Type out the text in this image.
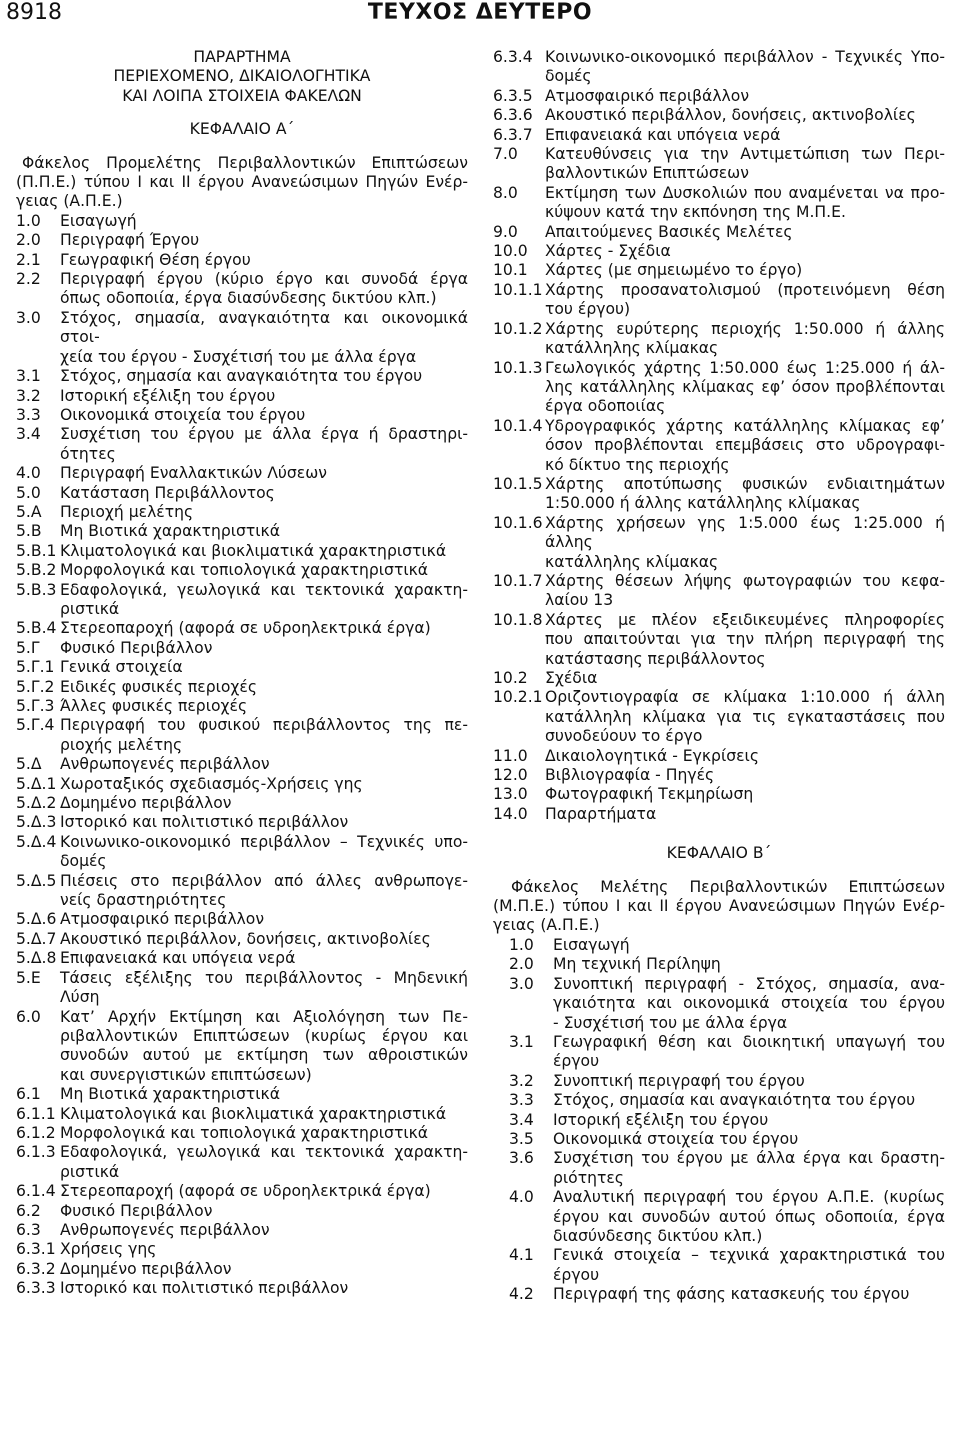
8918	ΤΕΥΧΟΣ ΔΕΥΤΕΡΟ
ΠΑΡΑΡΤΗΜΑ
ΠΕΡΙΕΧΟΜΕΝΟ, ΔΙΚΑΙΟΛΟΓΗΤΙΚΑ
ΚΑΙ ΛΟΙΠΑ ΣΤΟΙΧΕΙΑ ΦΑΚΕΛΩΝ
ΚΕΦΑΛΑΙΟ Α΄
Φάκελος Προμελέτης Περιβαλλοντικών Επιπτώσεων
(Π.Π.Ε.) τύπου Ι και ΙΙ έργου Ανανεώσιμων Πηγών Ενέρ-
γειας (Α.Π.Ε.)
1.0	Εισαγωγή
2.0	Περιγραφή Έργου
2.1	Γεωγραφική Θέση έργου
2.2	Περιγραφή έργου (κύριο έργο και συνοδά έργα
όπως οδοποιία, έργα διασύνδεσης δικτύου κλπ.)
3.0	Στόχος, σημασία, αναγκαιότητα και οικονομικά στοι-
χεία του έργου - Συσχέτισή του με άλλα έργα
3.1	Στόχος, σημασία και αναγκαιότητα του έργου
3.2	Ιστορική εξέλιξη του έργου
3.3	Οικονομικά στοιχεία του έργου
3.4	Συσχέτιση του έργου με άλλα έργα ή δραστηρι-
ότητες
4.0	Περιγραφή Εναλλακτικών Λύσεων
5.0	Κατάσταση Περιβάλλοντος
5.Α	Περιοχή μελέτης
5.Β	Μη Βιοτικά χαρακτηριστικά
5.Β.1 Κλιματολογικά και βιοκλιματικά χαρακτηριστικά
5.Β.2 Μορφολογικά και τοπιολογικά χαρακτηριστικά
5.Β.3 Εδαφολογικά, γεωλογικά και τεκτονικά χαρακτη-
ριστικά
5.Β.4 Στερεοπαροχή (αφορά σε υδροηλεκτρικά έργα)
5.Γ	Φυσικό Περιβάλλον
5.Γ.1 Γενικά στοιχεία
5.Γ.2 Ειδικές φυσικές περιοχές
5.Γ.3 Άλλες φυσικές περιοχές
5.Γ.4 Περιγραφή του φυσικού περιβάλλοντος της πε-
ριοχής μελέτης
5.Δ	Ανθρωπογενές περιβάλλον
5.Δ.1 Χωροταξικός σχεδιασμός-Χρήσεις γης
5.Δ.2 Δομημένο περιβάλλον
5.Δ.3 Ιστορικό και πολιτιστικό περιβάλλον
5.Δ.4 Κοινωνικο-οικονομικό περιβάλλον – Τεχνικές υπο-
δομές
5.Δ.5 Πιέσεις στο περιβάλλον από άλλες ανθρωπογε-
νείς δραστηριότητες
5.Δ.6 Ατμοσφαιρικό περιβάλλον
5.Δ.7 Ακουστικό περιβάλλον, δονήσεις, ακτινοβολίες
5.Δ.8 Επιφανειακά και υπόγεια νερά
5.Ε	Τάσεις εξέλιξης του περιβάλλοντος - Μηδενική
Λύση
6.0	Κατ’ Αρχήν Εκτίμηση και Αξιολόγηση των Πε-
ριβαλλοντικών Επιπτώσεων (κυρίως έργου και
συνοδών αυτού με εκτίμηση των αθροιστικών
και συνεργιστικών επιπτώσεων)
6.1	Μη Βιοτικά χαρακτηριστικά
6.1.1 Κλιματολογικά και βιοκλιματικά χαρακτηριστικά
6.1.2 Μορφολογικά και τοπιολογικά χαρακτηριστικά
6.1.3 Εδαφολογικά, γεωλογικά και τεκτονικά χαρακτη-
ριστικά
6.1.4 Στερεοπαροχή (αφορά σε υδροηλεκτρικά έργα)
6.2	Φυσικό Περιβάλλον
6.3	Ανθρωπογενές περιβάλλον
6.3.1 Χρήσεις γης
6.3.2 Δομημένο περιβάλλον
6.3.3 Ιστορικό και πολιτιστικό περιβάλλον
6.3.4 Κοινωνικο-οικονομικό περιβάλλον - Τεχνικές Υπο-
δομές
6.3.5 Ατμοσφαιρικό περιβάλλον
6.3.6 Ακουστικό περιβάλλον, δονήσεις, ακτινοβολίες
6.3.7 Επιφανειακά και υπόγεια νερά
7.0	Κατευθύνσεις για την Αντιμετώπιση των Περι-
βαλλοντικών Επιπτώσεων
8.0	Εκτίμηση των Δυσκολιών που αναμένεται να προ-
κύψουν κατά την εκπόνηση της Μ.Π.Ε.
9.0	Απαιτούμενες Βασικές Μελέτες
10.0	Χάρτες - Σχέδια
10.1	Χάρτες (με σημειωμένο το έργο)
10.1.1 Χάρτης προσανατολισμού (προτεινόμενη θέση
του έργου)
10.1.2 Χάρτης ευρύτερης περιοχής 1:50.000 ή άλλης
κατάλληλης κλίμακας
10.1.3 Γεωλογικός χάρτης 1:50.000 έως 1:25.000 ή άλ-
λης κατάλληλης κλίμακας εφ’ όσον προβλέπονται
έργα οδοποιίας
10.1.4 Υδρογραφικός χάρτης κατάλληλης κλίμακας εφ’
όσον προβλέπονται επεμβάσεις στο υδρογραφι-
κό δίκτυο της περιοχής
10.1.5 Χάρτης αποτύπωσης φυσικών ενδιαιτημάτων
1:50.000 ή άλλης κατάλληλης κλίμακας
10.1.6 Χάρτης χρήσεων γης 1:5.000 έως 1:25.000 ή άλλης
κατάλληλης κλίμακας
10.1.7 Χάρτης θέσεων λήψης φωτογραφιών του κεφα-
λαίου 13
10.1.8 Χάρτες με πλέον εξειδικευμένες πληροφορίες
που απαιτούνται για την πλήρη περιγραφή της
κατάστασης περιβάλλοντος
10.2	Σχέδια
10.2.1 Οριζοντιογραφία σε κλίμακα 1:10.000 ή άλλη
κατάλληλη κλίμακα για τις εγκαταστάσεις που
συνοδεύουν το έργο
11.0	Δικαιολογητικά - Εγκρίσεις
12.0	Βιβλιογραφία - Πηγές
13.0	Φωτογραφική Τεκμηρίωση
14.0	Παραρτήματα
ΚΕΦΑΛΑΙΟ Β΄
Φάκελος Μελέτης Περιβαλλοντικών Επιπτώσεων
(Μ.Π.Ε.) τύπου Ι και ΙΙ έργου Ανανεώσιμων Πηγών Ενέρ-
γειας (Α.Π.Ε.)
1.0	Εισαγωγή
2.0	Μη τεχνική Περίληψη
3.0	Συνοπτική περιγραφή - Στόχος, σημασία, ανα-
γκαιότητα και οικονομικά στοιχεία του έργου
- Συσχέτισή του με άλλα έργα
3.1	Γεωγραφική θέση και διοικητική υπαγωγή του
έργου
3.2	Συνοπτική περιγραφή του έργου
3.3	Στόχος, σημασία και αναγκαιότητα του έργου
3.4	Ιστορική εξέλιξη του έργου
3.5	Οικονομικά στοιχεία του έργου
3.6	Συσχέτιση του έργου με άλλα έργα και δραστη-
ριότητες
4.0	Αναλυτική περιγραφή του έργου Α.Π.Ε. (κυρίως
έργου και συνοδών αυτού όπως οδοποιία, έργα
διασύνδεσης δικτύου κλπ.)
4.1	Γενικά στοιχεία – τεχνικά χαρακτηριστικά του
έργου
4.2	Περιγραφή της φάσης κατασκευής του έργου
